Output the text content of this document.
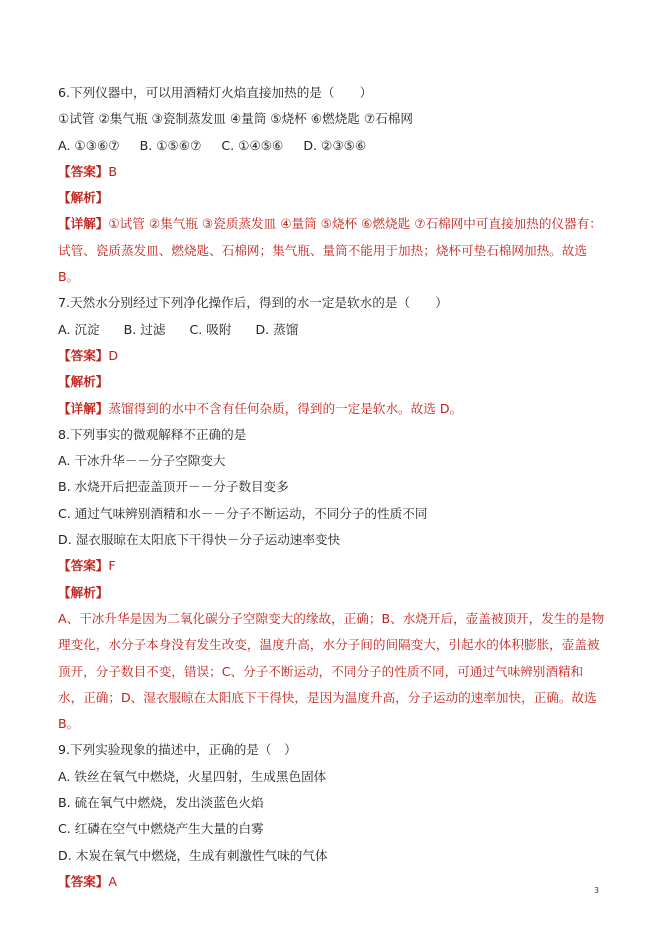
6.下列仪器中，可以用酒精灯火焰直接加热的是（　　）
①试管 ②集气瓶 ③瓷制蒸发皿 ④量筒 ⑤烧杯 ⑥燃烧匙 ⑦石棉网
A. ①③⑥⑦ B. ①⑤⑥⑦ C. ①④⑤⑥ D. ②③⑤⑥
【答案】B
【解析】
【详解】①试管 ②集气瓶 ③瓷质蒸发皿 ④量筒 ⑤烧杯 ⑥燃烧匙 ⑦石棉网中可直接加热的仪器有：试管、瓷质蒸发皿、燃烧匙、石棉网；集气瓶、量筒不能用于加热；烧杯可垫石棉网加热。故选 B。
7.天然水分别经过下列净化操作后，得到的水一定是软水的是（　　）
A. 沉淀 B. 过滤 C. 吸附 D. 蒸馏
【答案】D
【解析】
【详解】蒸馏得到的水中不含有任何杂质，得到的一定是软水。故选 D。
8.下列事实的微观解释不正确的是
A. 干冰升华－－分子空隙变大
B. 水烧开后把壶盖顶开－－分子数目变多
C. 通过气味辨别酒精和水－－分子不断运动，不同分子的性质不同
D. 湿衣服晾在太阳底下干得快－分子运动速率变快
【答案】F
【解析】
A、干冰升华是因为二氧化碳分子空隙变大的缘故，正确；B、水烧开后，壶盖被顶开，发生的是物理变化，水分子本身没有发生改变，温度升高，水分子间的间隔变大，引起水的体积膨胀，壶盖被顶开，分子数目不变，错误；C、分子不断运动，不同分子的性质不同，可通过气味辨别酒精和水，正确；D、湿衣服晾在太阳底下干得快，是因为温度升高，分子运动的速率加快，正确。故选 B。
9.下列实验现象的描述中，正确的是（　）
A. 铁丝在氧气中燃烧，火星四射，生成黑色固体
B. 硫在氧气中燃烧，发出淡蓝色火焰
C. 红磷在空气中燃烧产生大量的白雾
D. 木炭在氧气中燃烧，生成有刺激性气味的气体
【答案】A
3
